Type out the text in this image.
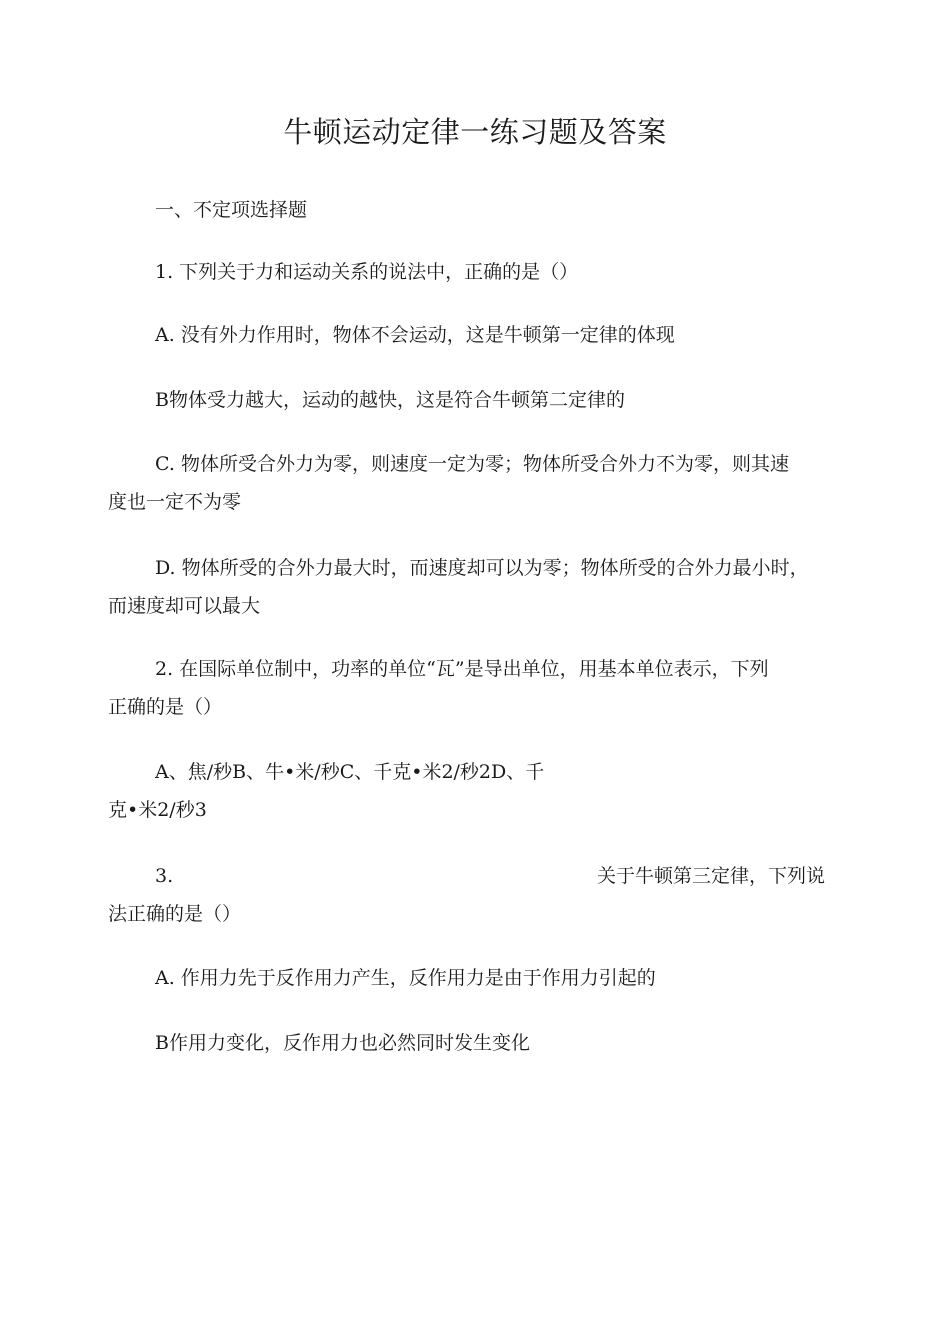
牛顿运动定律一练习题及答案
一、不定项选择题
1. 下列关于力和运动关系的说法中，正确的是（）
A. 没有外力作用时，物体不会运动，这是牛顿第一定律的体现
B物体受力越大，运动的越快，这是符合牛顿第二定律的
C. 物体所受合外力为零，则速度一定为零；物体所受合外力不为零，则其速
度也一定不为零
D. 物体所受的合外力最大时，而速度却可以为零；物体所受的合外力最小时，
而速度却可以最大
2. 在国际单位制中，功率的单位“瓦”是导出单位，用基本单位表示，下列
正确的是（）
A、焦/秒B、牛•米/秒C、千克•米2/秒2D、千
克•米2/秒3
3.	关于牛顿第三定律，下列说
法正确的是（）
A. 作用力先于反作用力产生，反作用力是由于作用力引起的
B作用力变化，反作用力也必然同时发生变化
